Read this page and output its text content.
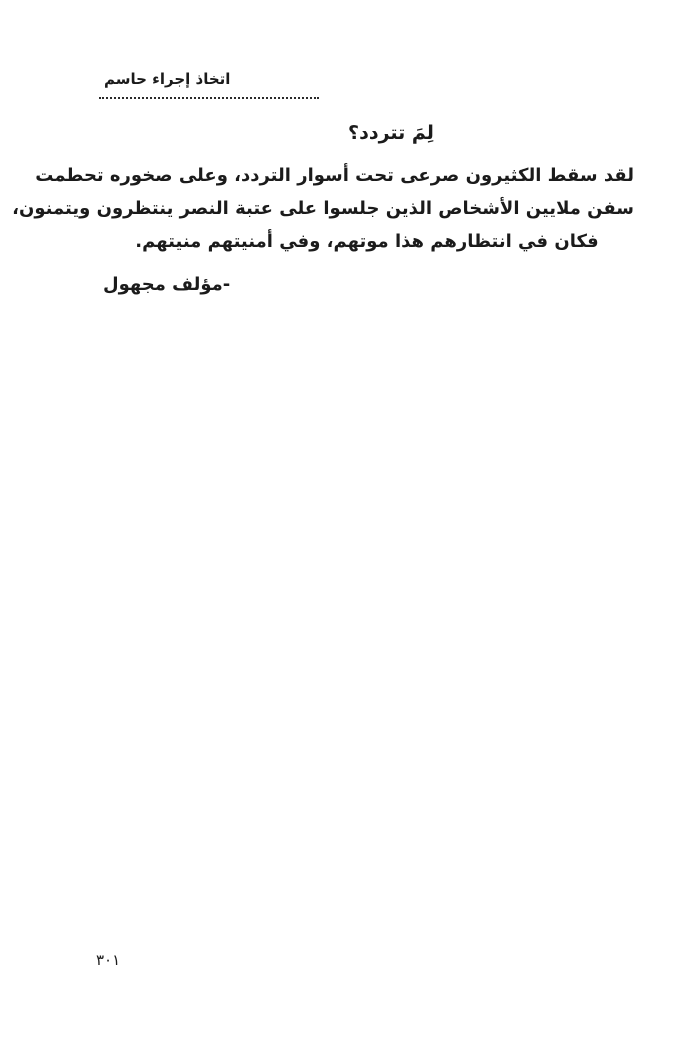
اتخاذ إجراء حاسم
لِمَ تتردد؟
لقد سقط الكثيرون صرعى تحت أسوار التردد، وعلى صخوره تحطمت
سفن ملايين الأشخاص الذين جلسوا على عتبة النصر ينتظرون ويتمنون،
فكان في انتظارهم هذا موتهم، وفي أمنيتهم منيتهم.
-مؤلف مجهول
٣٠١
